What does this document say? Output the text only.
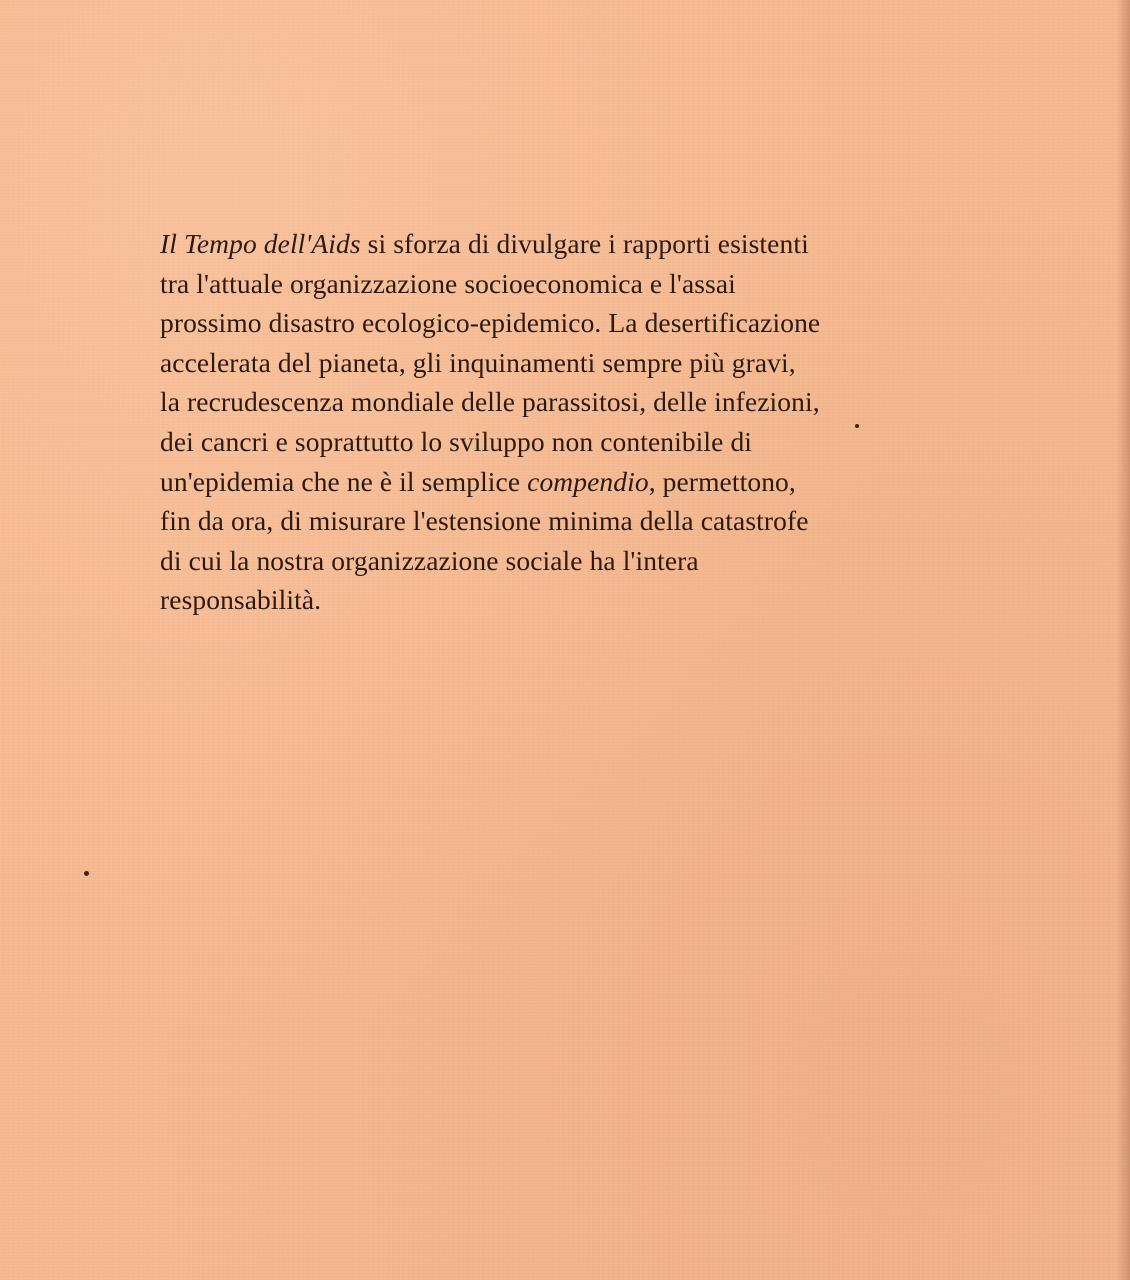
Il Tempo dell'Aids si sforza di divulgare i rapporti esistenti
tra l'attuale organizzazione socioeconomica e l'assai
prossimo disastro ecologico-epidemico. La desertificazione
accelerata del pianeta, gli inquinamenti sempre più gravi,
la recrudescenza mondiale delle parassitosi, delle infezioni,
dei cancri e soprattutto lo sviluppo non contenibile di
un'epidemia che ne è il semplice compendio, permettono,
fin da ora, di misurare l'estensione minima della catastrofe
di cui la nostra organizzazione sociale ha l'intera
responsabilità.
